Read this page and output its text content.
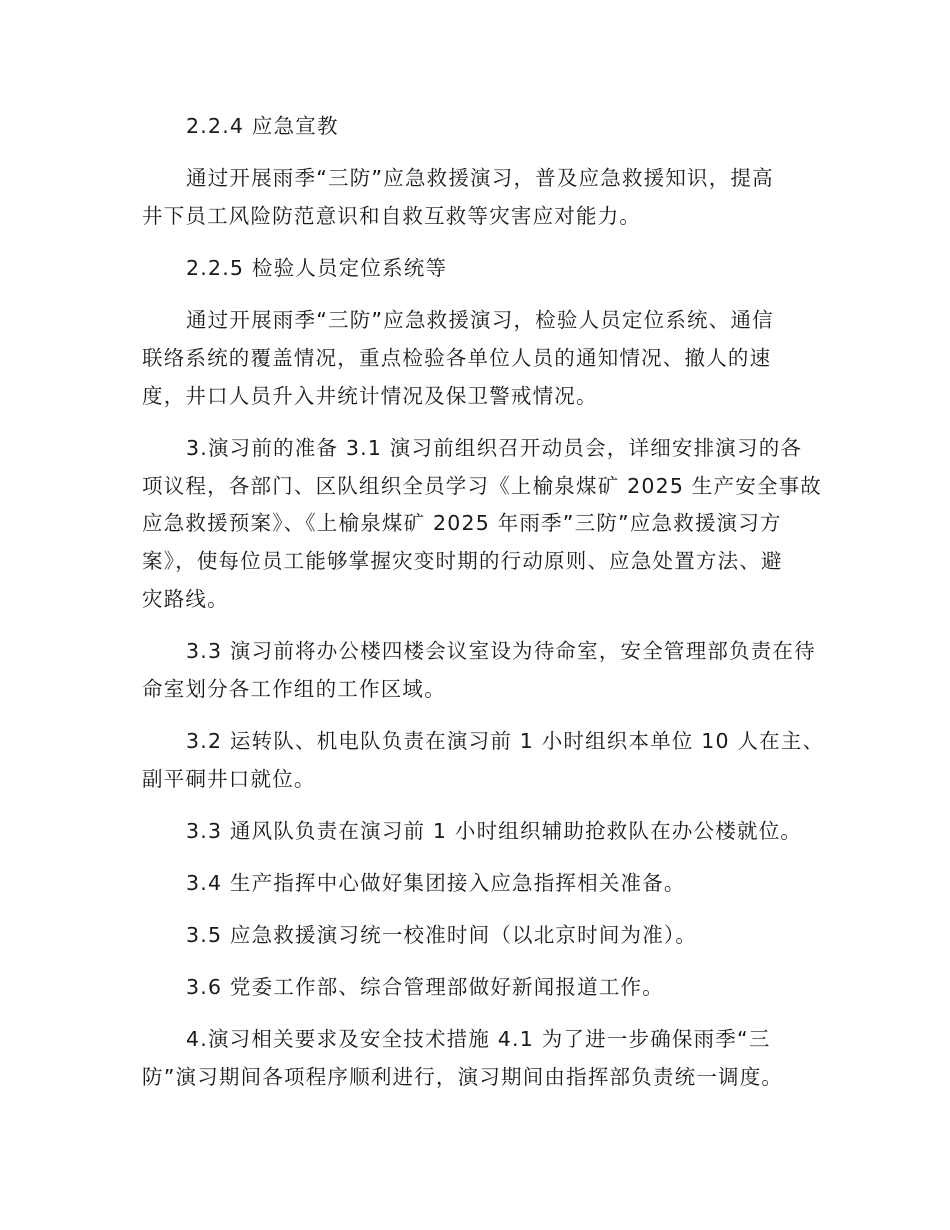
2.2.4 应急宣教
通过开展雨季“三防”应急救援演习，普及应急救援知识，提高
井下员工风险防范意识和自救互救等灾害应对能力。
2.2.5 检验人员定位系统等
通过开展雨季“三防”应急救援演习，检验人员定位系统、通信
联络系统的覆盖情况，重点检验各单位人员的通知情况、撤人的速
度，井口人员升入井统计情况及保卫警戒情况。
3.演习前的准备 3.1 演习前组织召开动员会，详细安排演习的各
项议程，各部门、区队组织全员学习《上榆泉煤矿 2025 生产安全事故
应急救援预案》、《上榆泉煤矿 2025 年雨季”三防”应急救援演习方
案》，使每位员工能够掌握灾变时期的行动原则、应急处置方法、避
灾路线。
3.3 演习前将办公楼四楼会议室设为待命室，安全管理部负责在待
命室划分各工作组的工作区域。
3.2 运转队、机电队负责在演习前 1 小时组织本单位 10 人在主、
副平硐井口就位。
3.3 通风队负责在演习前 1 小时组织辅助抢救队在办公楼就位。
3.4 生产指挥中心做好集团接入应急指挥相关准备。
3.5 应急救援演习统一校准时间（以北京时间为准）。
3.6 党委工作部、综合管理部做好新闻报道工作。
4.演习相关要求及安全技术措施 4.1 为了进一步确保雨季“三
防”演习期间各项程序顺利进行，演习期间由指挥部负责统一调度。
